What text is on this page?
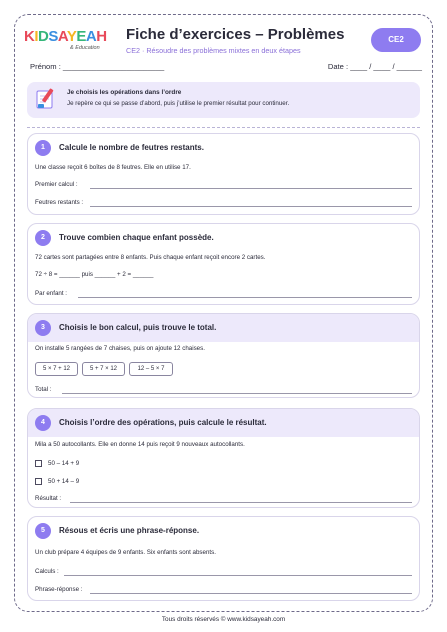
KIDSAYEAH
& Education
Fiche d’exercices – Problèmes
CE2 · Résoudre des problèmes mixtes en deux étapes
CE2
Prénom : ________________________	Date : ____ / ____ / ______
Je choisis les opérations dans l’ordre
Je repère ce qui se passe d’abord, puis j’utilise le premier résultat pour continuer.
1	Calcule le nombre de feutres restants.
Une classe reçoit 6 boîtes de 8 feutres. Elle en utilise 17.
Premier calcul :
Feutres restants :
2	Trouve combien chaque enfant possède.
72 cartes sont partagées entre 8 enfants. Puis chaque enfant reçoit encore 2 cartes.
72 ÷ 8 = ______ puis ______ + 2 = ______
Par enfant :
3	Choisis le bon calcul, puis trouve le total.
On installe 5 rangées de 7 chaises, puis on ajoute 12 chaises.
5 × 7 + 12	5 + 7 × 12	12 – 5 × 7
Total :
4	Choisis l’ordre des opérations, puis calcule le résultat.
Mila a 50 autocollants. Elle en donne 14 puis reçoit 9 nouveaux autocollants.
50 – 14 + 9
50 + 14 – 9
Résultat :
5	Résous et écris une phrase-réponse.
Un club prépare 4 équipes de 9 enfants. Six enfants sont absents.
Calculs :
Phrase-réponse :
Tous droits réservés © www.kidsayeah.com
